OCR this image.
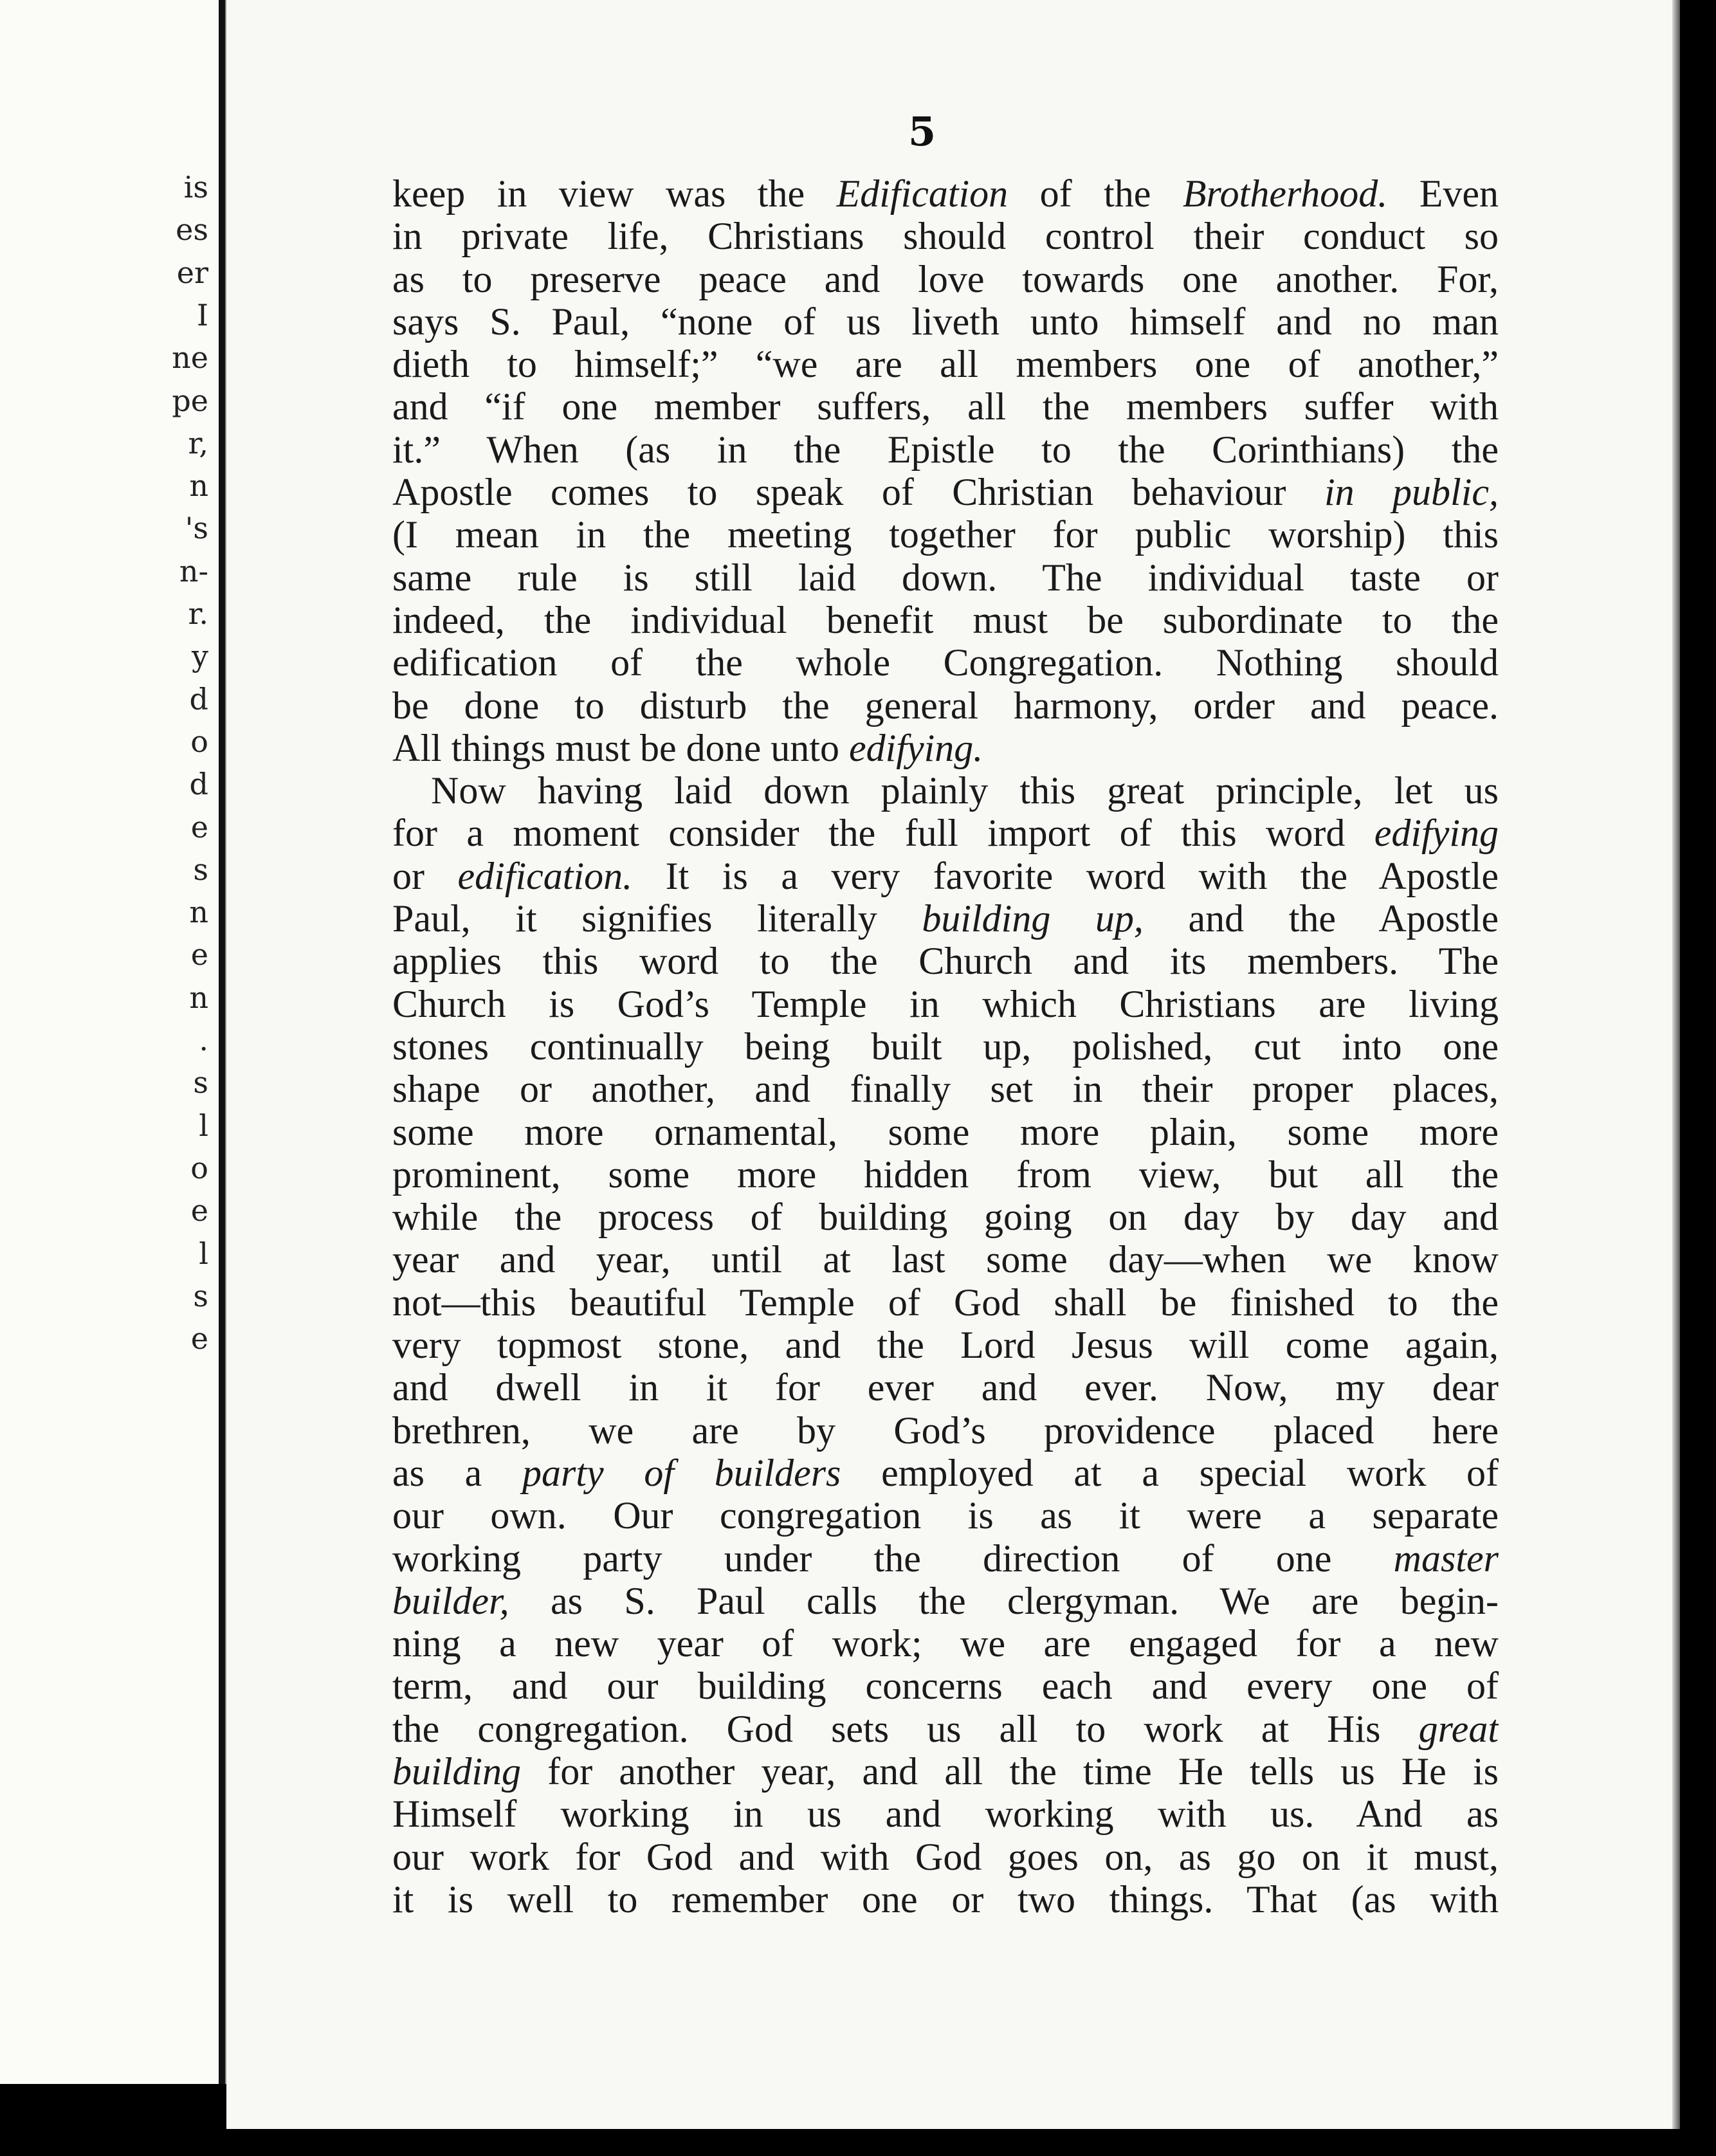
is
es
er
I
ne
pe
r,
n
's
n-
r.
y
d
o
d
e
s
n
e
n
.
s
l
o
e
l
s
e
5
keep in view was the Edification of the Brotherhood. Even
in private life, Christians should control their conduct so
as to preserve peace and love towards one another. For,
says S. Paul, “none of us liveth unto himself and no man
dieth to himself;” “we are all members one of another,”
and “if one member suffers, all the members suffer with
it.” When (as in the Epistle to the Corinthians) the
Apostle comes to speak of Christian behaviour in public,
(I mean in the meeting together for public worship) this
same rule is still laid down. The individual taste or
indeed, the individual benefit must be subordinate to the
edification of the whole Congregation. Nothing should
be done to disturb the general harmony, order and peace.
All things must be done unto edifying.
Now having laid down plainly this great principle, let us
for a moment consider the full import of this word edifying
or edification. It is a very favorite word with the Apostle
Paul, it signifies literally building up, and the Apostle
applies this word to the Church and its members. The
Church is God’s Temple in which Christians are living
stones continually being built up, polished, cut into one
shape or another, and finally set in their proper places,
some more ornamental, some more plain, some more
prominent, some more hidden from view, but all the
while the process of building going on day by day and
year and year, until at last some day—when we know
not—this beautiful Temple of God shall be finished to the
very topmost stone, and the Lord Jesus will come again,
and dwell in it for ever and ever. Now, my dear
brethren, we are by God’s providence placed here
as a party of builders employed at a special work of
our own. Our congregation is as it were a separate
working party under the direction of one master
builder, as S. Paul calls the clergyman. We are begin-
ning a new year of work; we are engaged for a new
term, and our building concerns each and every one of
the congregation. God sets us all to work at His great
building for another year, and all the time He tells us He is
Himself working in us and working with us. And as
our work for God and with God goes on, as go on it must,
it is well to remember one or two things. That (as with
